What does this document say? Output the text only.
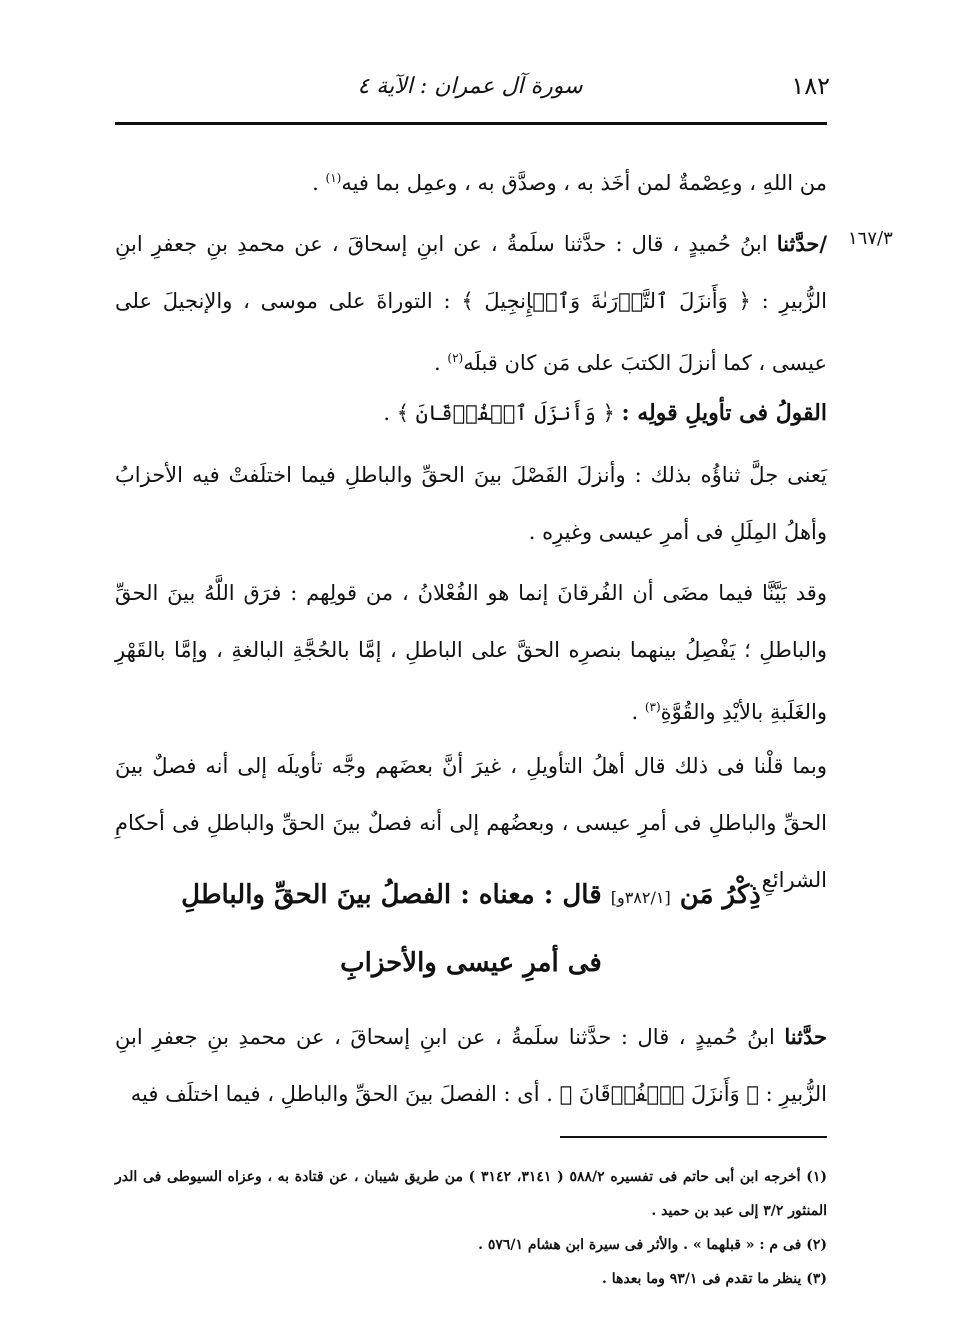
١٨٢
سورة آل عمران : الآية ٤
١٦٧/٣
من اللهِ ، وعِصْمةٌ لمن أخَذ به ، وصدَّق به ، وعمِل بما فيه$^{(١)}$ .
/حدَّثنا ابنُ حُميدٍ ، قال : حدَّثنا سلَمةُ ، عن ابنِ إسحاقَ ، عن محمدِ بنِ جعفرِ ابنِ الزُّبيرِ : ﴿ وَأَنزَلَ ٱلتَّوۡرَىٰةَ وَٱلۡإِنجِيلَ ﴾ : التوراةَ على موسى ، والإنجيلَ على عيسى ، كما أنزلَ الكتبَ على مَن كان قبلَه$^{(٢)}$ .
القولُ فى تأويلِ قولِه : ﴿ وَأَنزَلَ ٱلۡفُرۡقَانَ ﴾ .
يَعنى جلَّ ثناؤُه بذلك : وأنزلَ الفَصْلَ بينَ الحقِّ والباطلِ فيما اختلَفتْ فيه الأحزابُ وأهلُ المِلَلِ فى أمرِ عيسى وغيرِه .
وقد بَيَّنَّا فيما مضَى أن الفُرقانَ إنما هو الفُعْلانُ ، من قولِهم : فرَق اللَّهُ بينَ الحقِّ والباطلِ ؛ يَفْصِلُ بينهما بنصرِه الحقَّ على الباطلِ ، إمَّا بالحُجَّةِ البالغةِ ، وإمَّا بالقَهْرِ والغَلَبةِ بالأيْدِ والقُوَّةِ$^{(٣)}$ .
وبما قلْنا فى ذلك قال أهلُ التأويلِ ، غيرَ أنَّ بعضَهم وجَّه تأويلَه إلى أنه فصلٌ بينَ الحقِّ والباطلِ فى أمرِ عيسى ، وبعضُهم إلى أنه فصلٌ بينَ الحقِّ والباطلِ فى أحكامِ الشرائعِ .
ذِكْرُ مَن [٣٨٢/١و] قال : معناه : الفصلُ بينَ الحقِّ والباطلِ
فى أمرِ عيسى والأحزابِ
حدَّثنا ابنُ حُميدٍ ، قال : حدَّثنا سلَمةُ ، عن ابنِ إسحاقَ ، عن محمدِ بنِ جعفرِ ابنِ الزُّبيرِ : ﴿ وَأَنزَلَ ٱلۡفُرۡقَانَ ﴾ . أى : الفصلَ بينَ الحقِّ والباطلِ ، فيما اختلَف فيه
(١) أخرجه ابن أبى حاتم فى تفسيره ٥٨٨/٢ ( ٣١٤١، ٣١٤٢ ) من طريق شيبان ، عن قتادة به ، وعزاه السيوطى فى الدر المنثور ٣/٢ إلى عبد بن حميد .
(٢) فى م : « قبلهما » . والأثر فى سيرة ابن هشام ٥٧٦/١ .
(٣) ينظر ما تقدم فى ٩٣/١ وما بعدها .
